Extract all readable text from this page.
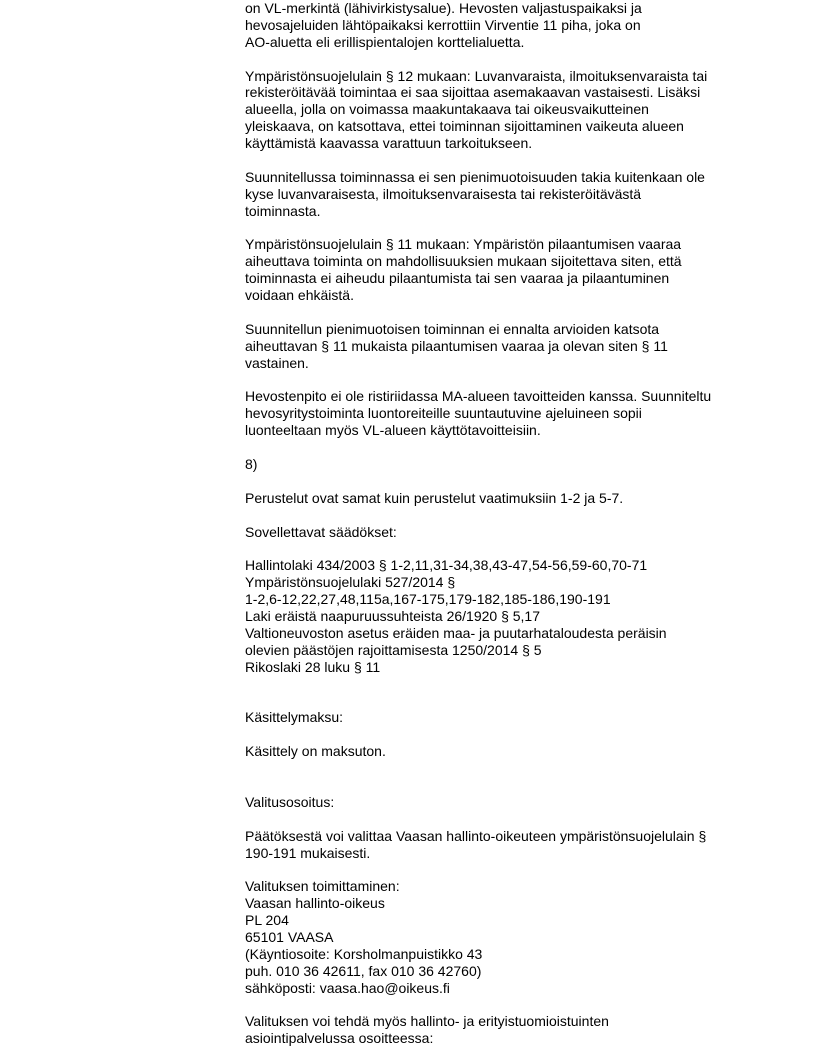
on VL-merkintä (lähivirkistysalue). Hevosten valjastuspaikaksi ja
hevosajeluiden lähtöpaikaksi kerrottiin Virventie 11 piha, joka on
AO-aluetta eli erillispientalojen korttelialuetta.
Ympäristönsuojelulain § 12 mukaan: Luvanvaraista, ilmoituksenvaraista tai
rekisteröitävää toimintaa ei saa sijoittaa asemakaavan vastaisesti. Lisäksi
alueella, jolla on voimassa maakuntakaava tai oikeusvaikutteinen
yleiskaava, on katsottava, ettei toiminnan sijoittaminen vaikeuta alueen
käyttämistä kaavassa varattuun tarkoitukseen.
Suunnitellussa toiminnassa ei sen pienimuotoisuuden takia kuitenkaan ole
kyse luvanvaraisesta, ilmoituksenvaraisesta tai rekisteröitävästä
toiminnasta.
Ympäristönsuojelulain § 11 mukaan: Ympäristön pilaantumisen vaaraa
aiheuttava toiminta on mahdollisuuksien mukaan sijoitettava siten, että
toiminnasta ei aiheudu pilaantumista tai sen vaaraa ja pilaantuminen
voidaan ehkäistä.
Suunnitellun pienimuotoisen toiminnan ei ennalta arvioiden katsota
aiheuttavan § 11 mukaista pilaantumisen vaaraa ja olevan siten § 11
vastainen.
Hevostenpito ei ole ristiriidassa MA-alueen tavoitteiden kanssa. Suunniteltu
hevosyritystoiminta luontoreiteille suuntautuvine ajeluineen sopii
luonteeltaan myös VL-alueen käyttötavoitteisiin.
8)
Perustelut ovat samat kuin perustelut vaatimuksiin 1-2 ja 5-7.
Sovellettavat säädökset:
Hallintolaki 434/2003 § 1-2,11,31-34,38,43-47,54-56,59-60,70-71
Ympäristönsuojelulaki 527/2014 §
1-2,6-12,22,27,48,115a,167-175,179-182,185-186,190-191
Laki eräistä naapuruussuhteista 26/1920 § 5,17
Valtioneuvoston asetus eräiden maa- ja puutarhataloudesta peräisin
olevien päästöjen rajoittamisesta 1250/2014 § 5
Rikoslaki 28 luku § 11
Käsittelymaksu:
Käsittely on maksuton.
Valitusosoitus:
Päätöksestä voi valittaa Vaasan hallinto-oikeuteen ympäristönsuojelulain §
190-191 mukaisesti.
Valituksen toimittaminen:
Vaasan hallinto-oikeus
PL 204
65101 VAASA
(Käyntiosoite: Korsholmanpuistikko 43
puh. 010 36 42611, fax 010 36 42760)
sähköposti: vaasa.hao@oikeus.fi
Valituksen voi tehdä myös hallinto- ja erityistuomioistuinten
asiointipalvelussa osoitteessa:
